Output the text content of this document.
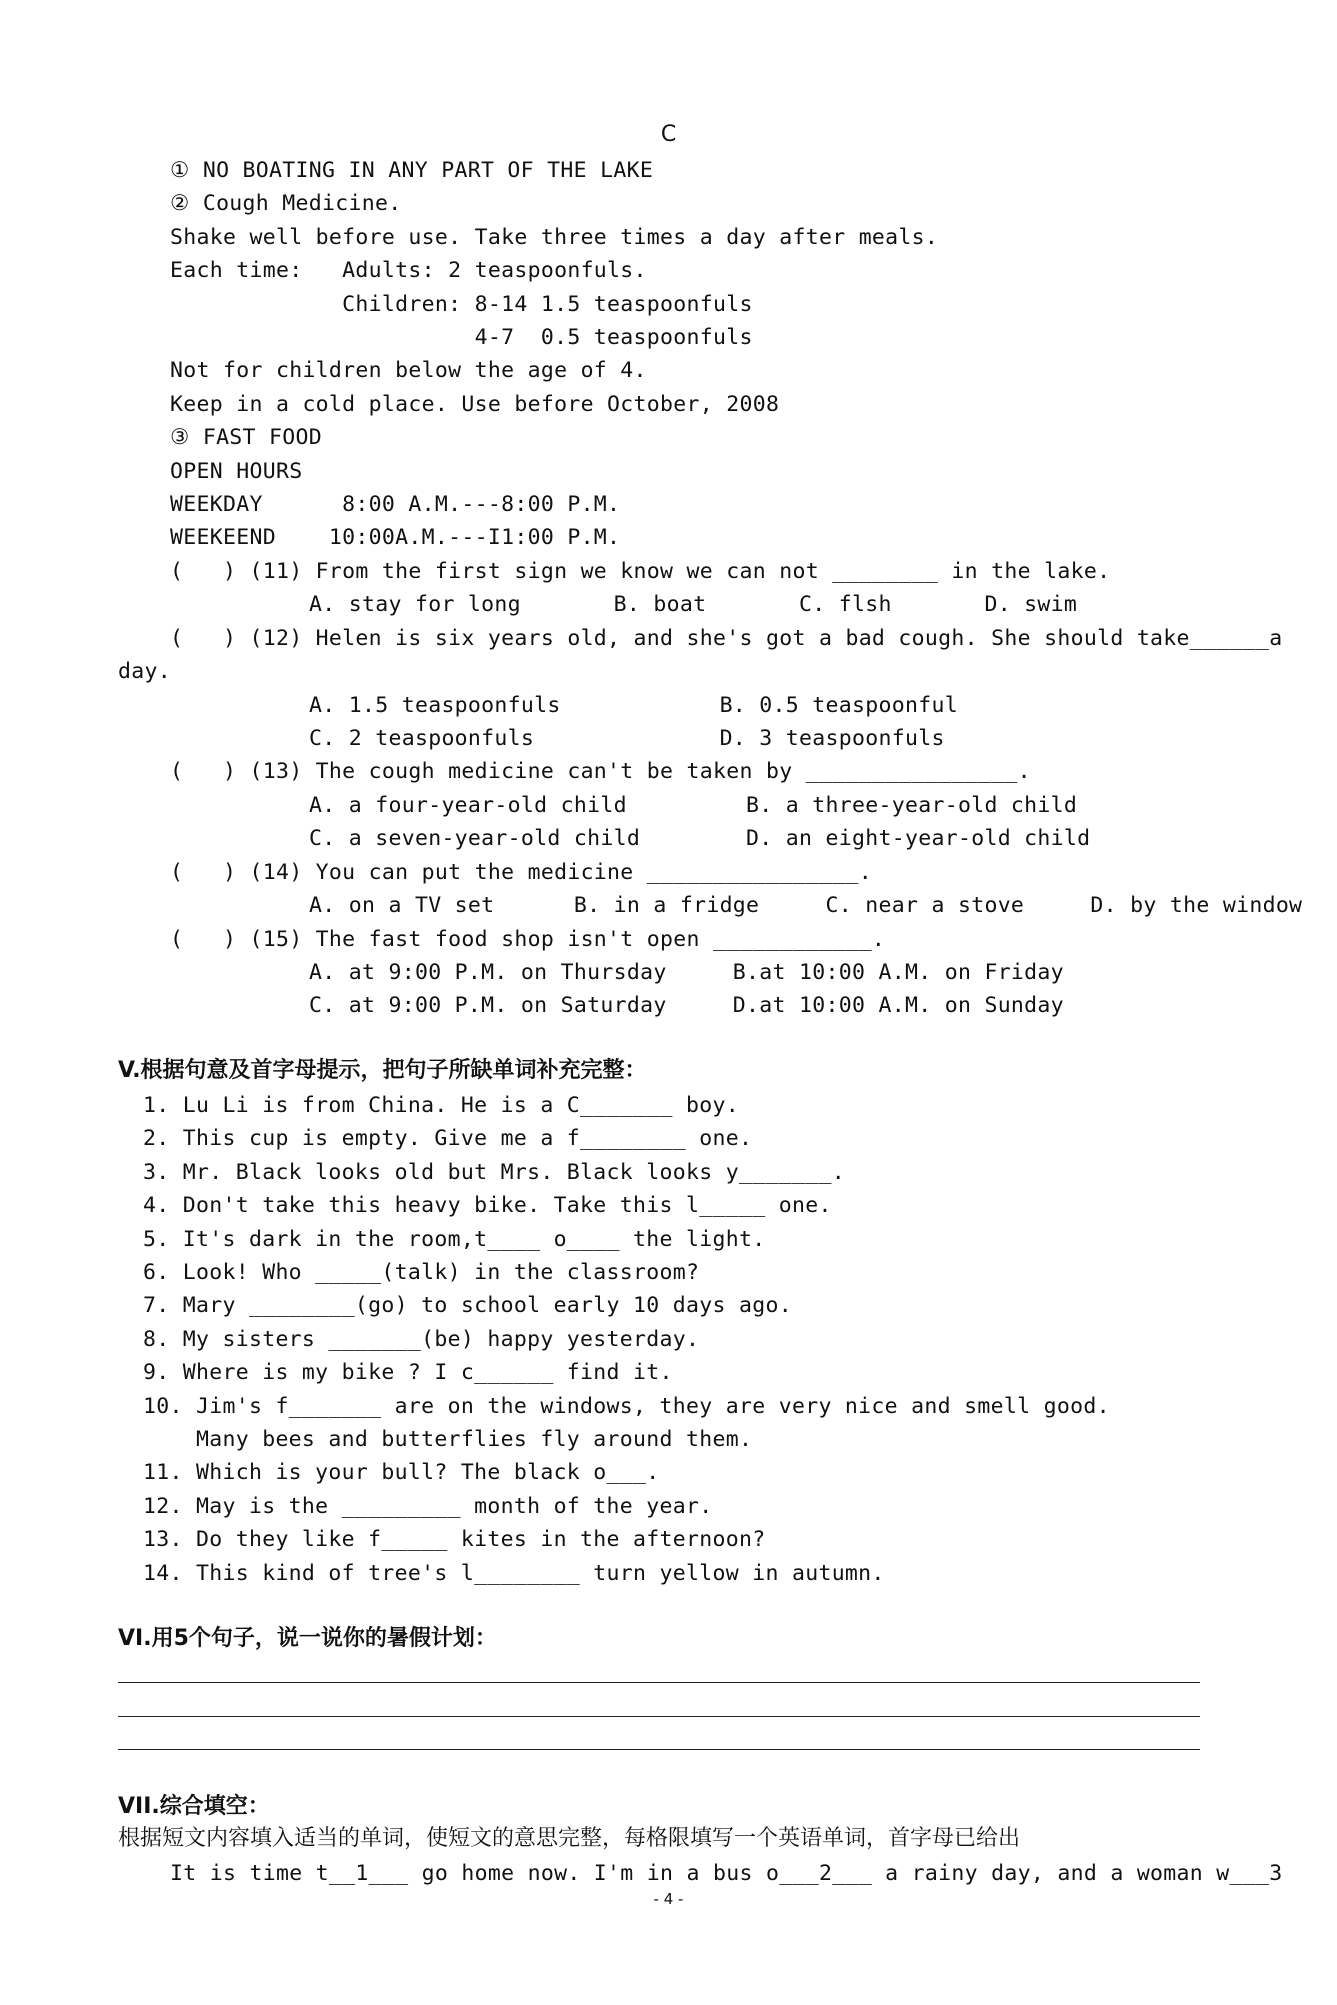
C
① NO BOATING IN ANY PART OF THE LAKE
② Cough Medicine.
Shake well before use. Take three times a day after meals.
Each time:   Adults: 2 teaspoonfuls.
Children: 8-14 1.5 teaspoonfuls
4-7  0.5 teaspoonfuls
Not for children below the age of 4.
Keep in a cold place. Use before October, 2008
③ FAST FOOD
OPEN HOURS
WEEKDAY      8:00 A.M.---8:00 P.M.
WEEKEEND    10:00A.M.---I1:00 P.M.
(   ) (11) From the first sign we know we can not ________ in the lake.
A. stay for long       B. boat       C. flsh       D. swim
(   ) (12) Helen is six years old, and she's got a bad cough. She should take______a
day.
A. 1.5 teaspoonfuls            B. 0.5 teaspoonful
C. 2 teaspoonfuls              D. 3 teaspoonfuls
(   ) (13) The cough medicine can't be taken by ________________.
A. a four-year-old child         B. a three-year-old child
C. a seven-year-old child        D. an eight-year-old child
(   ) (14) You can put the medicine ________________.
A. on a TV set      B. in a fridge     C. near a stove     D. by the window
(   ) (15) The fast food shop isn't open ____________.
A. at 9:00 P.M. on Thursday     B.at 10:00 A.M. on Friday
C. at 9:00 P.M. on Saturday     D.at 10:00 A.M. on Sunday
V.根据句意及首字母提示，把句子所缺单词补充完整：
1. Lu Li is from China. He is a C_______ boy.
2. This cup is empty. Give me a f________ one.
3. Mr. Black looks old but Mrs. Black looks y_______.
4. Don't take this heavy bike. Take this l_____ one.
5. It's dark in the room,t____ o____ the light.
6. Look! Who _____(talk) in the classroom?
7. Mary ________(go) to school early 10 days ago.
8. My sisters _______(be) happy yesterday.
9. Where is my bike ? I c______ find it.
10. Jim's f_______ are on the windows, they are very nice and smell good.
Many bees and butterflies fly around them.
11. Which is your bull? The black o___.
12. May is the _________ month of the year.
13. Do they like f_____ kites in the afternoon?
14. This kind of tree's l________ turn yellow in autumn.
VI.用5个句子，说一说你的暑假计划：
VII.综合填空：
根据短文内容填入适当的单词，使短文的意思完整，每格限填写一个英语单词，首字母已给出
It is time t__1___ go home now. I'm in a bus o___2___ a rainy day, and a woman w___3
- 4 -
